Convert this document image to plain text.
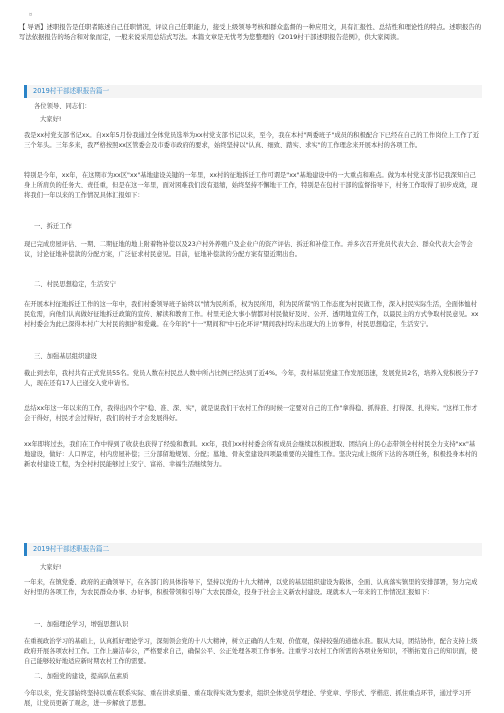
¤
【 导语】述职报告是任职者陈述自己任职情况，评议自己任职能力，接受上级领导考核和群众监督的一种应用文，具有汇报性、总结性和理论性的特点。述职报告的写法依据报告的场合和对象而定，一般来说采用总结式写法。本篇文章是无忧考为您整理的《2019村干部述职报告范例》，供大家阅读。
2019村干部述职报告篇一

各位领导、同志们：

大家好!

我是xx村党支部书记xx。自xx年5月份我通过全体党员选举为xx村党支部书记以来，至今，我在本村"两委班子"成员的积极配合下已经在自己的工作岗位上工作了近三个年头。三年多来，我严格按照xx区管委会及市委市政府的要求，始终坚持以"认真、细致、踏实、求实"的工作理念来开展本村的各项工作。

特别是今年，xx年，在这期市为xx区"xx"基地建设关键的一年里，xx村的征地拆迁工作可谓是"xx"基地建设中的一大重点和难点。做为本村党支部书记我深知自己身上所肩负的任务大、责任重，但是在这一年里，面对困难我们没有退缩，始终坚持不懈地干工作，特别是在包村干部的监督指导下，村务工作取得了初步成效，现将我们一年以来的工作情况具体汇报如下：

一、拆迁工作

现已完成房屋评估、一期、二期征地的地上附着物补偿以及23户村外养殖户及企业户的资产评估、拆迁和补偿工作。并多次召开党员代表大会、群众代表大会等会议，讨论征地补偿款的分配方案，广泛征求村民意见。目前，征地补偿款的分配方案有望近期出台。

二、村民思想稳定，生活安宁

在开展本村征地拆迁工作的这一年中，我们村委领导班子始终以"情为民所系，权为民所用，利为民所谋"的工作态度为村民做工作，深入村民实际生活，全面体恤村民危需，向他们认真做好征地拆迁政策的宣传、解读和教育工作。村里无论大事小情都对村民做好及时、公开、透明地宣传工作，以最民主的方式争取村民意见。xx村村委会为此已深得本村广大村民的拥护和爱戴。在今年的"十一"期间和"中石化环评"期间我村均未出现大的上访事件，村民思想稳定，生活安宁。

三、加强基层组织建设

截止到去年，我村共有正式党员55名。党员人数在村民总人数中所占比例已经达到了近4%。今年，我村基层党建工作发展迅速，发展党员2名，培养入党积极分子7人，现在还有17人已递交入党申请书。

总结xx年这一年以来的工作，我得出四个字"稳、准、深、实"，就是说我们干农村工作的时候一定要对自己的工作"拿得稳、抓得准、打得深、扎得实。"这样工作才会干得好，村民才会过得好，我们的村子才会发展得好。

xx年即将过去，我们在工作中得到了收获也获得了经验和教训。xx年，我们xx村村委会所有成员会继续以积极进取、团结向上的心态带领全村村民全力支持"xx"基地建设，做好：人口界定，村内房屋补偿；三分部留地规划、分配；墓地、骨灰堂建设四项最重要的关键性工作。坚决完成上级所下达的各项任务，积极投身本村的新农村建设工程，为全村村民能够过上安宁、富裕、幸福生活继续努力。

2019村干部述职报告篇二

大家好!

一年来，在镇党委、政府的正确领导下，在各部门的具体指导下，坚持以党的十九大精神，以党的基层组织建设为载体，全面、认真落实镇里的安排部署，努力完成好村里的各项工作，为农民群众办事、办好事，积极带领和引导广大农民群众，投身于社会主义新农村建设。现就本人一年来的工作情况汇报如下：

一、加强理论学习，增强思想认识

在重视政治学习的基础上，认真抓好理论学习，深刻领会党的十八大精神，树立正确的人生观、价值观，保持较强的道德水准。服从大局，团结协作，配合支持上级政府开展各项农村工作。工作上廉洁奉公，严格要求自己，确保公平、公正处理各项工作事务。注重学习农村工作所需的各项业务知识，不断拓宽自己的知识面，使自己能够较好地适应新时期农村工作的需要。

二、加强党的建设，提高队伍素质

今年以来，党支部始终坚持以重在联系实际、重在讲求质量、重在取得实效为要求，组织全体党员学理论、学党章、学形式、学楷范、抓住重点环节，通过学习开展，让党员更新了观念，进一步解放了思想。
